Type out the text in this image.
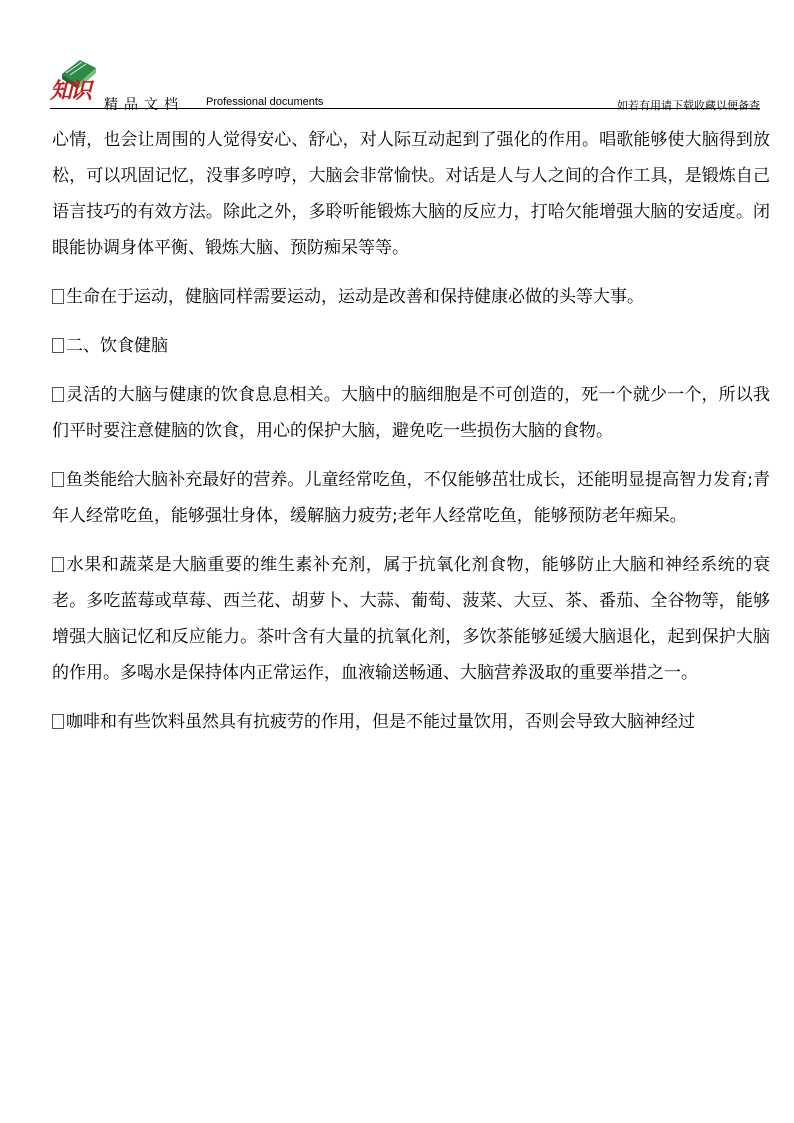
知识
精品文档 Professional documents	如若有用请下载收藏以便备查

心情，也会让周围的人觉得安心、舒心，对人际互动起到了强化的作用。唱歌能够使大脑得到放松，可以巩固记忆，没事多哼哼，大脑会非常愉快。对话是人与人之间的合作工具，是锻炼自己语言技巧的有效方法。除此之外，多聆听能锻炼大脑的反应力，打哈欠能增强大脑的安适度。闭眼能协调身体平衡、锻炼大脑、预防痴呆等等。

生命在于运动，健脑同样需要运动，运动是改善和保持健康必做的头等大事。

二、饮食健脑

灵活的大脑与健康的饮食息息相关。大脑中的脑细胞是不可创造的，死一个就少一个，所以我们平时要注意健脑的饮食，用心的保护大脑，避免吃一些损伤大脑的食物。

鱼类能给大脑补充最好的营养。儿童经常吃鱼，不仅能够茁壮成长，还能明显提高智力发育;青年人经常吃鱼，能够强壮身体，缓解脑力疲劳;老年人经常吃鱼，能够预防老年痴呆。

水果和蔬菜是大脑重要的维生素补充剂，属于抗氧化剂食物，能够防止大脑和神经系统的衰老。多吃蓝莓或草莓、西兰花、胡萝卜、大蒜、葡萄、菠菜、大豆、茶、番茄、全谷物等，能够增强大脑记忆和反应能力。茶叶含有大量的抗氧化剂，多饮茶能够延缓大脑退化，起到保护大脑的作用。多喝水是保持体内正常运作，血液输送畅通、大脑营养汲取的重要举措之一。

咖啡和有些饮料虽然具有抗疲劳的作用，但是不能过量饮用，否则会导致大脑神经过
